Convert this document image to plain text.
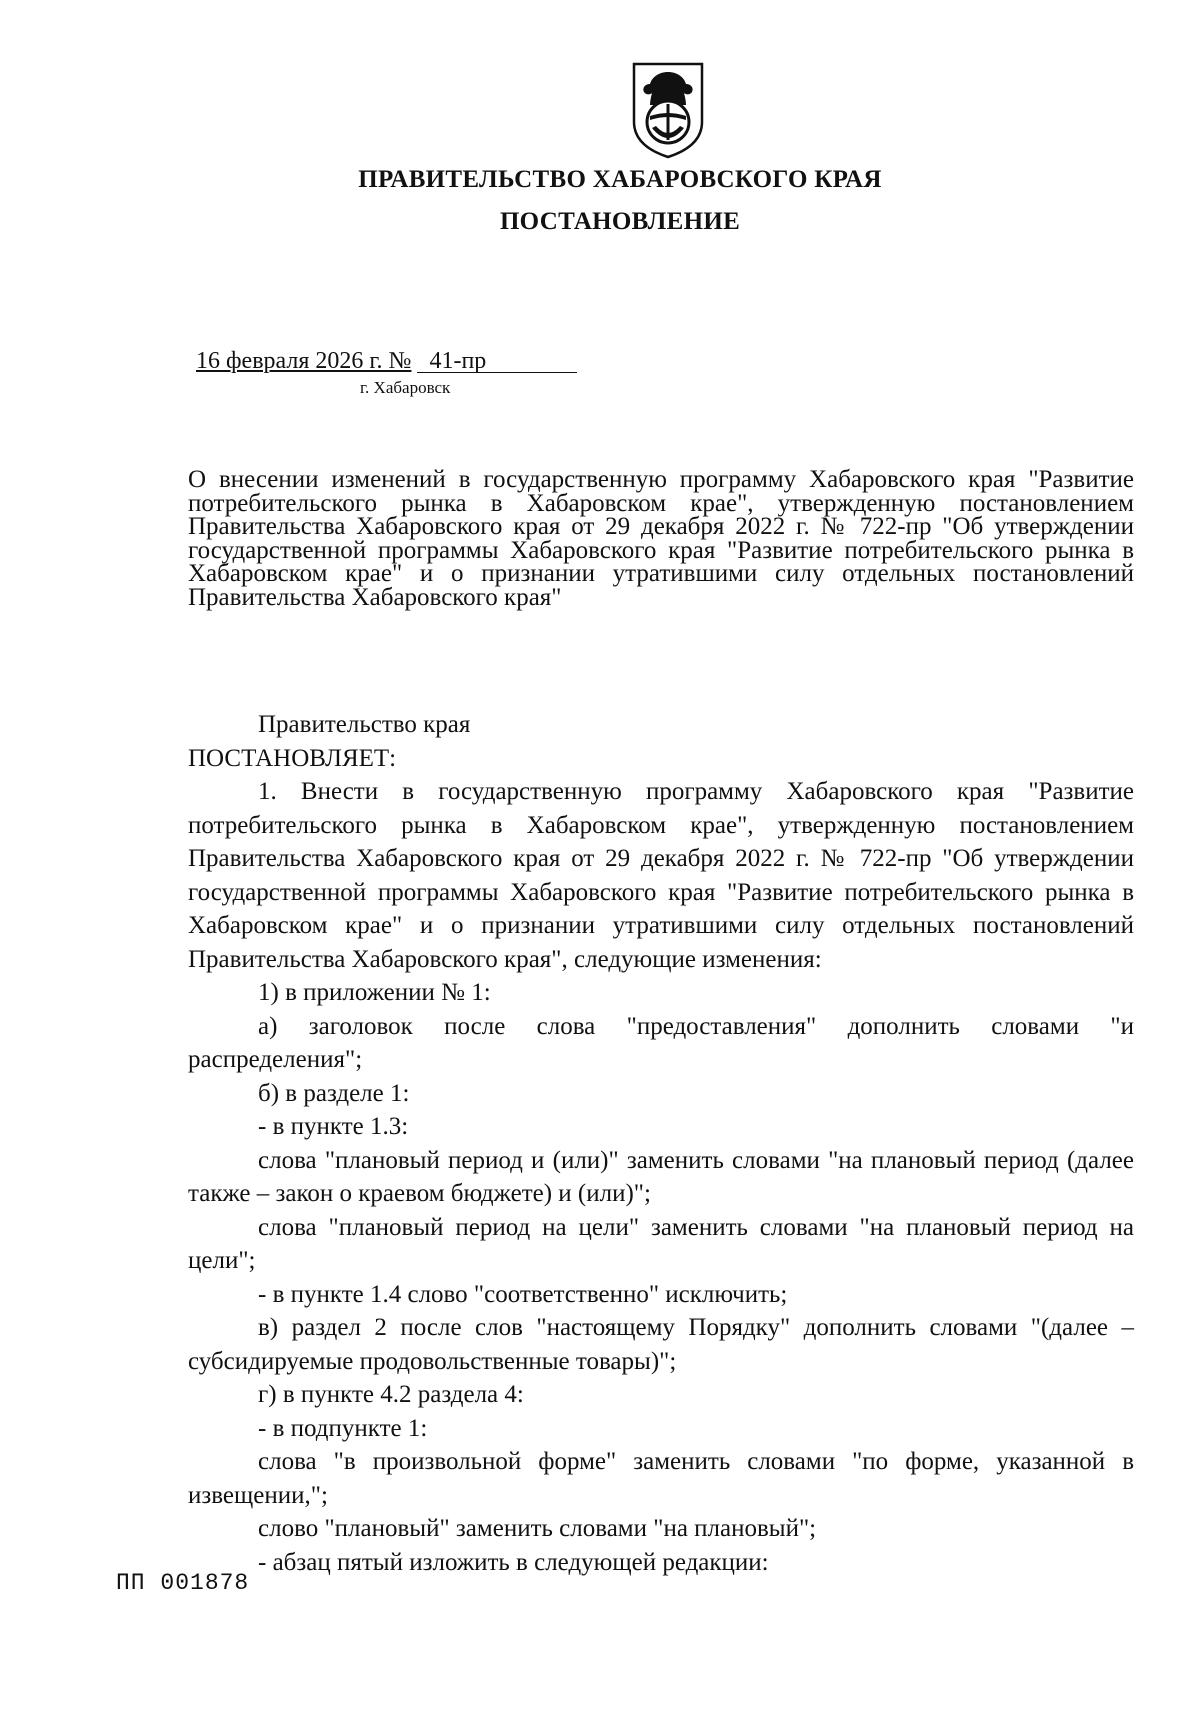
ПРАВИТЕЛЬСТВО ХАБАРОВСКОГО КРАЯ
ПОСТАНОВЛЕНИЕ
16 февраля 2026 г. № 41-пр
г. Хабаровск
О внесении изменений в государственную программу Хабаровского края "Развитие потребительского рынка в Хабаровском крае", утвержденную постановлением Правительства Хабаровского края от 29 декабря 2022 г. № 722-пр "Об утверждении государственной программы Хабаровского края "Развитие потребительского рынка в Хабаровском крае" и о признании утратившими силу отдельных постановлений Правительства Хабаровского края"

Правительство края

ПОСТАНОВЛЯЕТ:

1. Внести в государственную программу Хабаровского края "Развитие потребительского рынка в Хабаровском крае", утвержденную постановлением Правительства Хабаровского края от 29 декабря 2022 г. № 722-пр "Об утверждении государственной программы Хабаровского края "Развитие потребительского рынка в Хабаровском крае" и о признании утратившими силу отдельных постановлений Правительства Хабаровского края", следующие изменения:

1) в приложении № 1:

а) заголовок после слова "предоставления" дополнить словами "и распределения";

б) в разделе 1:

- в пункте 1.3:

слова "плановый период и (или)" заменить словами "на плановый период (далее также – закон о краевом бюджете) и (или)";

слова "плановый период на цели" заменить словами "на плановый период на цели";

- в пункте 1.4 слово "соответственно" исключить;

в) раздел 2 после слов "настоящему Порядку" дополнить словами "(далее – субсидируемые продовольственные товары)";

г) в пункте 4.2 раздела 4:

- в подпункте 1:

слова "в произвольной форме" заменить словами "по форме, указанной в извещении,";

слово "плановый" заменить словами "на плановый";

- абзац пятый изложить в следующей редакции:

ПП 001878
